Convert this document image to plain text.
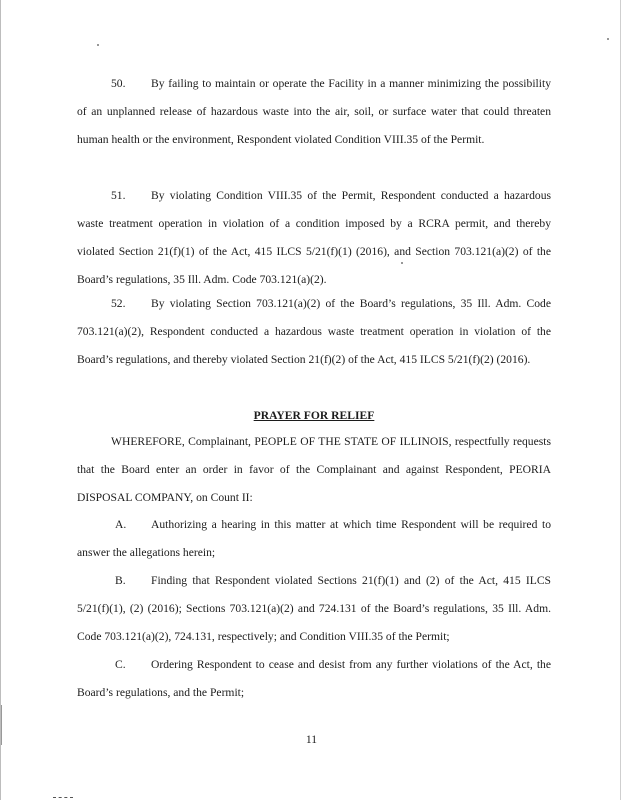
50. By failing to maintain or operate the Facility in a manner minimizing the possibility of an unplanned release of hazardous waste into the air, soil, or surface water that could threaten human health or the environment, Respondent violated Condition VIII.35 of the Permit.

51. By violating Condition VIII.35 of the Permit, Respondent conducted a hazardous waste treatment operation in violation of a condition imposed by a RCRA permit, and thereby violated Section 21(f)(1) of the Act, 415 ILCS 5/21(f)(1) (2016), and Section 703.121(a)(2) of the Board’s regulations, 35 Ill. Adm. Code 703.121(a)(2).

52. By violating Section 703.121(a)(2) of the Board’s regulations, 35 Ill. Adm. Code 703.121(a)(2), Respondent conducted a hazardous waste treatment operation in violation of the Board’s regulations, and thereby violated Section 21(f)(2) of the Act, 415 ILCS 5/21(f)(2) (2016).

PRAYER FOR RELIEF

WHEREFORE, Complainant, PEOPLE OF THE STATE OF ILLINOIS, respectfully requests that the Board enter an order in favor of the Complainant and against Respondent, PEORIA DISPOSAL COMPANY, on Count II:

A. Authorizing a hearing in this matter at which time Respondent will be required to answer the allegations herein;

B. Finding that Respondent violated Sections 21(f)(1) and (2) of the Act, 415 ILCS 5/21(f)(1), (2) (2016); Sections 703.121(a)(2) and 724.131 of the Board’s regulations, 35 Ill. Adm. Code 703.121(a)(2), 724.131, respectively; and Condition VIII.35 of the Permit;

C. Ordering Respondent to cease and desist from any further violations of the Act, the Board’s regulations, and the Permit;

11
